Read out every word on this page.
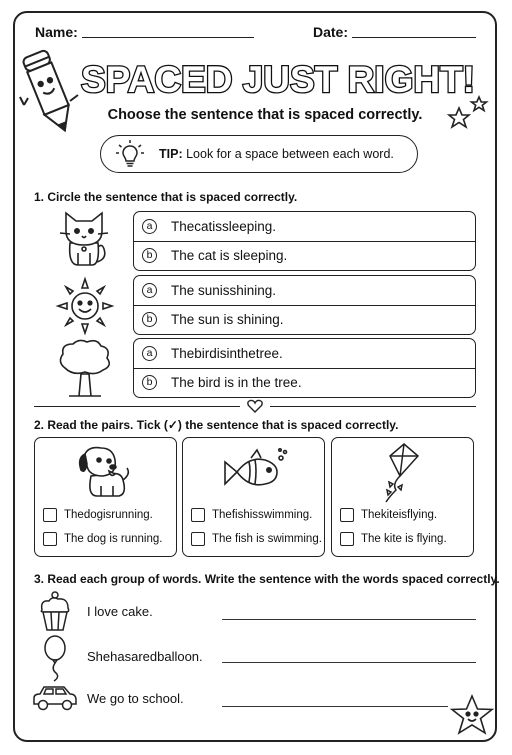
Name:	Date:
SPACED JUST RIGHT!
Choose the sentence that is spaced correctly.
TIP: Look for a space between each word.
1. Circle the sentence that is spaced correctly.
a	Thecatissleeping.
b	The cat is sleeping.
a	The sunisshining.
b	The sun is shining.
a	Thebirdisinthetree.
b	The bird is in the tree.
2. Read the pairs. Tick (✓) the sentence that is spaced correctly.
Thedogisrunning.
The dog is running.
Thefishisswimming.
The fish is swimming.
Thekiteisflying.
The kite is flying.
3. Read each group of words. Write the sentence with the words spaced correctly.
I love cake.
Shehasaredballoon.
We go to school.
